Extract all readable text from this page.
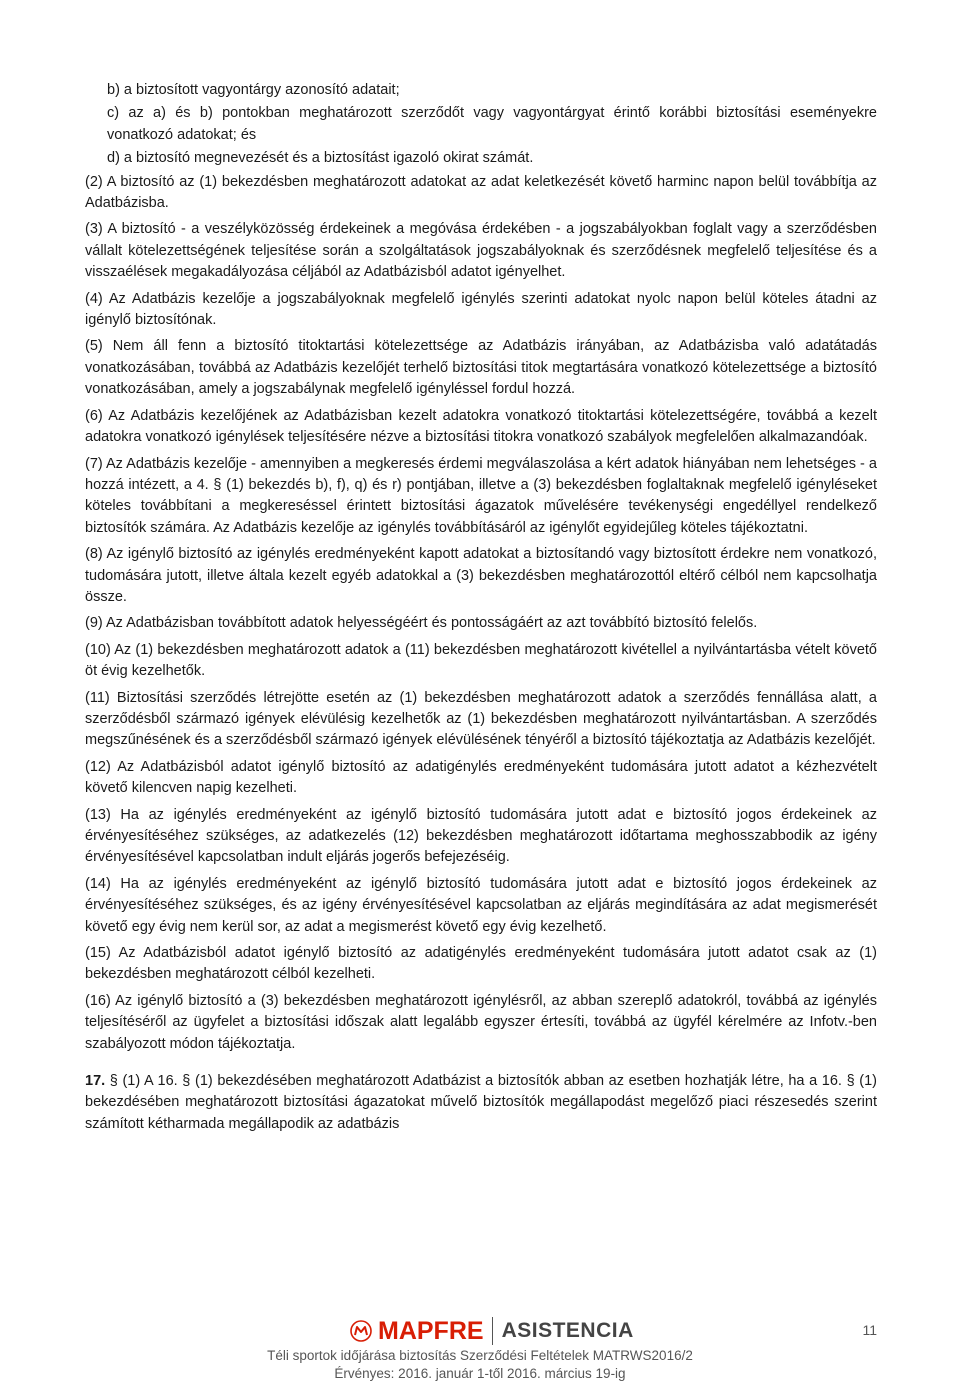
b) a biztosított vagyontárgy azonosító adatait;

c) az a) és b) pontokban meghatározott szerződőt vagy vagyontárgyat érintő korábbi biztosítási eseményekre vonatkozó adatokat; és

d) a biztosító megnevezését és a biztosítást igazoló okirat számát.

(2) A biztosító az (1) bekezdésben meghatározott adatokat az adat keletkezését követő harminc napon belül továbbítja az Adatbázisba.

(3) A biztosító - a veszélyközösség érdekeinek a megóvása érdekében - a jogszabályokban foglalt vagy a szerződésben vállalt kötelezettségének teljesítése során a szolgáltatások jogszabályoknak és szerződésnek megfelelő teljesítése és a visszaélések megakadályozása céljából az Adatbázisból adatot igényelhet.

(4) Az Adatbázis kezelője a jogszabályoknak megfelelő igénylés szerinti adatokat nyolc napon belül köteles átadni az igénylő biztosítónak.

(5) Nem áll fenn a biztosító titoktartási kötelezettsége az Adatbázis irányában, az Adatbázisba való adatátadás vonatkozásában, továbbá az Adatbázis kezelőjét terhelő biztosítási titok megtartására vonatkozó kötelezettsége a biztosító vonatkozásában, amely a jogszabálynak megfelelő igényléssel fordul hozzá.

(6) Az Adatbázis kezelőjének az Adatbázisban kezelt adatokra vonatkozó titoktartási kötelezettségére, továbbá a kezelt adatokra vonatkozó igénylések teljesítésére nézve a biztosítási titokra vonatkozó szabályok megfelelően alkalmazandóak.

(7) Az Adatbázis kezelője - amennyiben a megkeresés érdemi megválaszolása a kért adatok hiányában nem lehetséges - a hozzá intézett, a 4. § (1) bekezdés b), f), q) és r) pontjában, illetve a (3) bekezdésben foglaltaknak megfelelő igényléseket köteles továbbítani a megkereséssel érintett biztosítási ágazatok művelésére tevékenységi engedéllyel rendelkező biztosítók számára. Az Adatbázis kezelője az igénylés továbbításáról az igénylőt egyidejűleg köteles tájékoztatni.

(8) Az igénylő biztosító az igénylés eredményeként kapott adatokat a biztosítandó vagy biztosított érdekre nem vonatkozó, tudomására jutott, illetve általa kezelt egyéb adatokkal a (3) bekezdésben meghatározottól eltérő célból nem kapcsolhatja össze.

(9) Az Adatbázisban továbbított adatok helyességéért és pontosságáért az azt továbbító biztosító felelős.

(10) Az (1) bekezdésben meghatározott adatok a (11) bekezdésben meghatározott kivétellel a nyilvántartásba vételt követő öt évig kezelhetők.

(11) Biztosítási szerződés létrejötte esetén az (1) bekezdésben meghatározott adatok a szerződés fennállása alatt, a szerződésből származó igények elévülésig kezelhetők az (1) bekezdésben meghatározott nyilvántartásban. A szerződés megszűnésének és a szerződésből származó igények elévülésének tényéről a biztosító tájékoztatja az Adatbázis kezelőjét.

(12) Az Adatbázisból adatot igénylő biztosító az adatigénylés eredményeként tudomására jutott adatot a kézhezvételt követő kilencven napig kezelheti.

(13) Ha az igénylés eredményeként az igénylő biztosító tudomására jutott adat e biztosító jogos érdekeinek az érvényesítéséhez szükséges, az adatkezelés (12) bekezdésben meghatározott időtartama meghosszabbodik az igény érvényesítésével kapcsolatban indult eljárás jogerős befejezéséig.

(14) Ha az igénylés eredményeként az igénylő biztosító tudomására jutott adat e biztosító jogos érdekeinek az érvényesítéséhez szükséges, és az igény érvényesítésével kapcsolatban az eljárás megindítására az adat megismerését követő egy évig nem kerül sor, az adat a megismerést követő egy évig kezelhető.

(15) Az Adatbázisból adatot igénylő biztosító az adatigénylés eredményeként tudomására jutott adatot csak az (1) bekezdésben meghatározott célból kezelheti.

(16) Az igénylő biztosító a (3) bekezdésben meghatározott igénylésről, az abban szereplő adatokról, továbbá az igénylés teljesítéséről az ügyfelet a biztosítási időszak alatt legalább egyszer értesíti, továbbá az ügyfél kérelmére az Infotv.-ben szabályozott módon tájékoztatja.

17. § (1) A 16. § (1) bekezdésében meghatározott Adatbázist a biztosítók abban az esetben hozhatják létre, ha a 16. § (1) bekezdésében meghatározott biztosítási ágazatokat művelő biztosítók megállapodást megelőző piaci részesedés szerint számított kétharmada megállapodik az adatbázis

MAPFRE ASISTENCIA	11
Téli sportok időjárása biztosítás Szerződési Feltételek MATRWS2016/2
Érvényes: 2016. január 1-től 2016. március 19-ig
